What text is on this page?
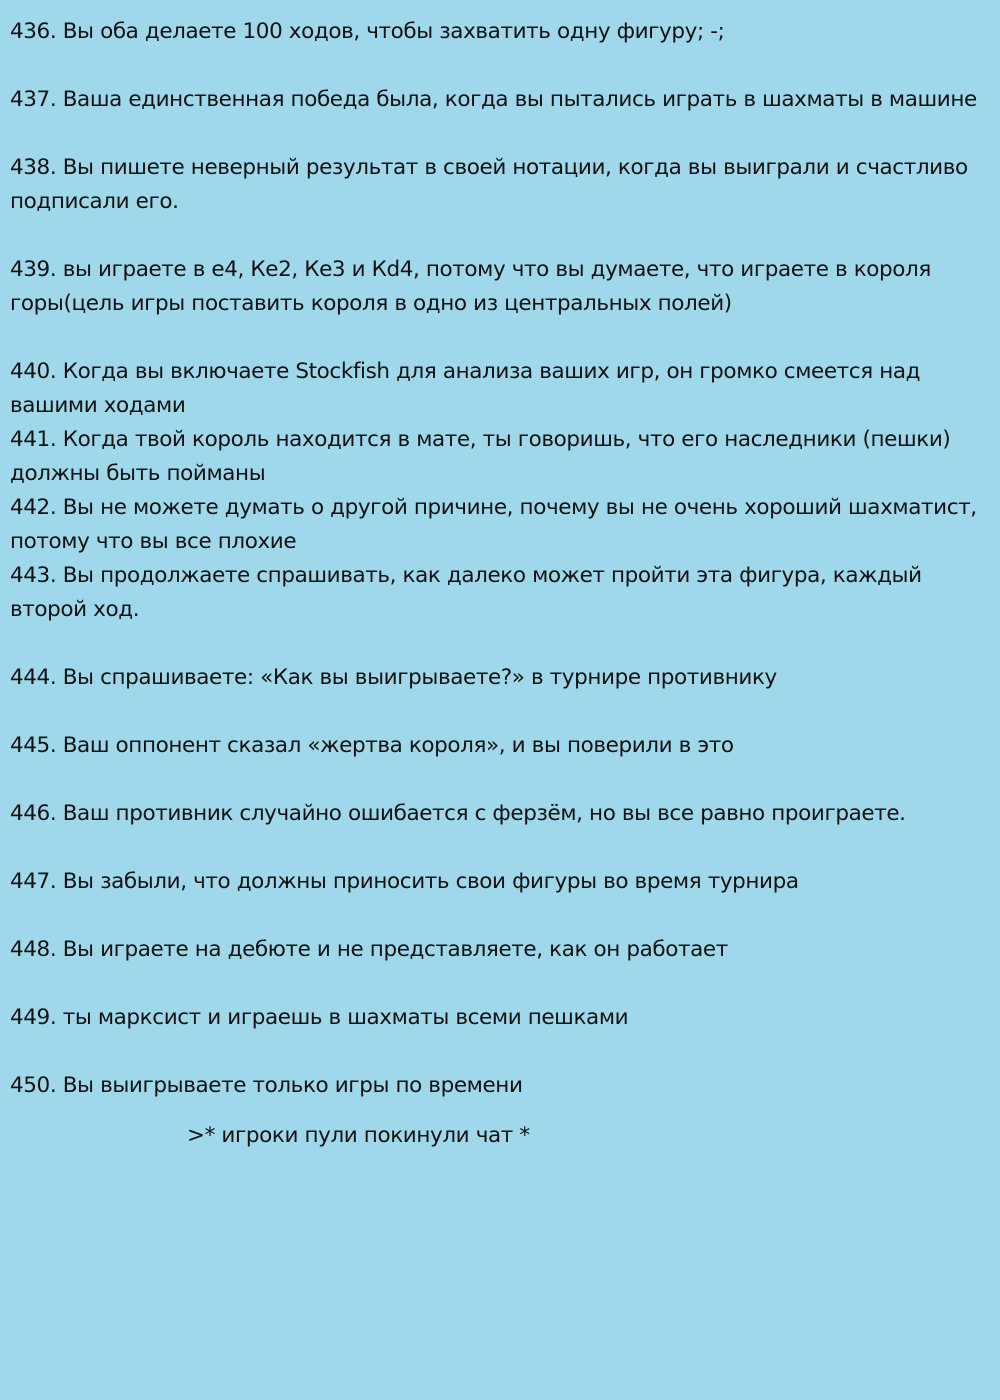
436. Вы оба делаете 100 ходов, чтобы захватить одну фигуру; -;
437. Ваша единственная победа была, когда вы пытались играть в шахматы в машине
438. Вы пишете неверный результат в своей нотации, когда вы выиграли и счастливо подписали его.
439. вы играете в е4, Ке2, Ке3 и Кd4, потому что вы думаете, что играете в короля горы(цель игры поставить короля в одно из центральных полей)
440. Когда вы включаете Stockfish для анализа ваших игр, он громко смеется над вашими ходами
441. Когда твой король находится в мате, ты говоришь, что его наследники (пешки) должны быть пойманы
442. Вы не можете думать о другой причине, почему вы не очень хороший шахматист, потому что вы все плохие
443. Вы продолжаете спрашивать, как далеко может пройти эта фигура, каждый второй ход.
444. Вы спрашиваете: «Как вы выигрываете?» в турнире противнику
445. Ваш оппонент сказал «жертва короля», и вы поверили в это
446. Ваш противник случайно ошибается с ферзём, но вы все равно проиграете.
447. Вы забыли, что должны приносить свои фигуры во время турнира
448. Вы играете на дебюте и не представляете, как он работает
449. ты марксист и играешь в шахматы всеми пешками
450. Вы выигрываете только игры по времени
>* игроки пули покинули чат *
